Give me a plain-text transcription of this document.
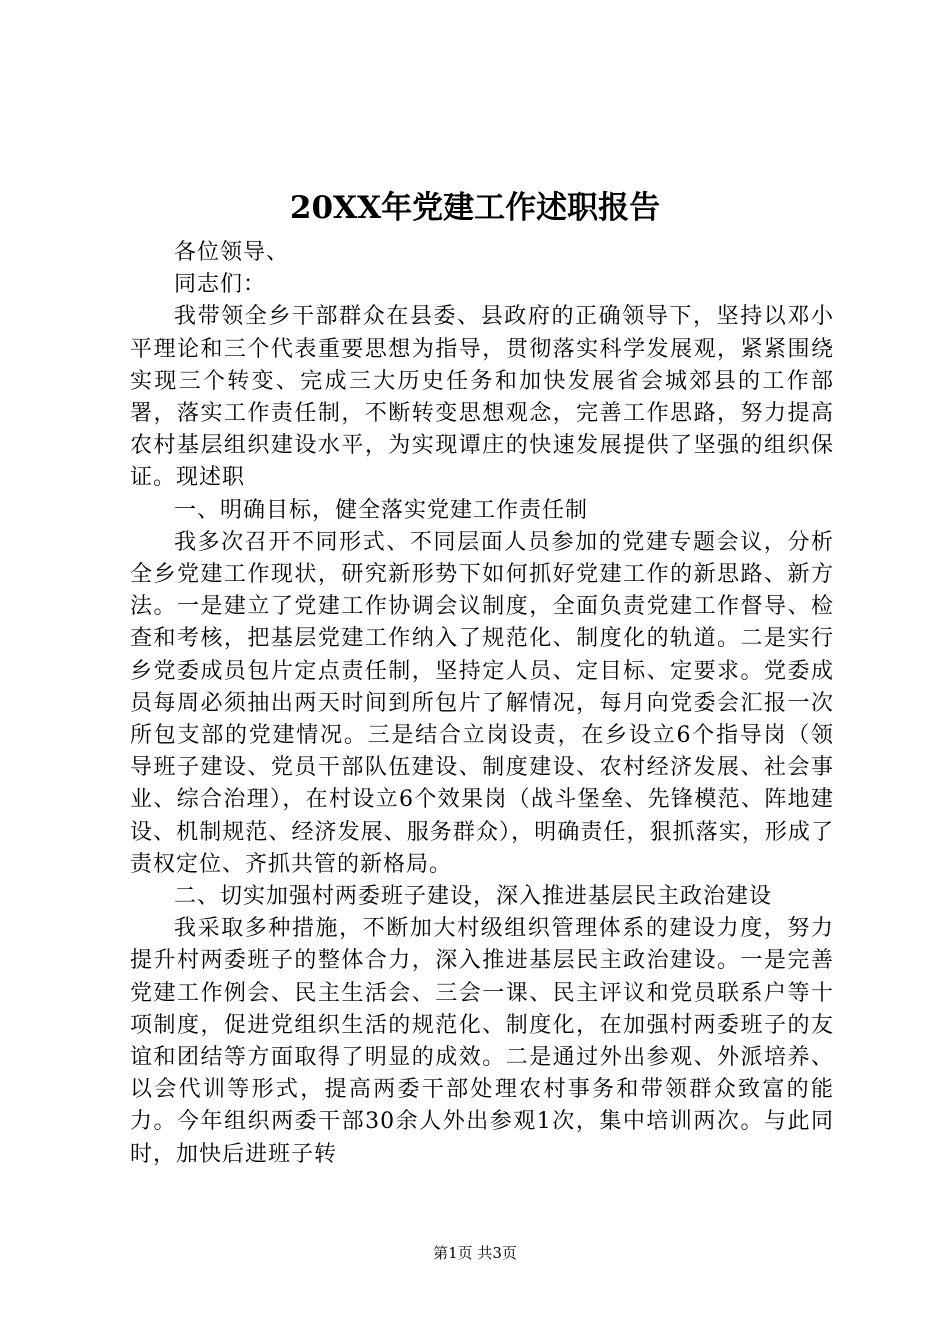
20XX年党建工作述职报告

各位领导、

同志们：

我带领全乡干部群众在县委、县政府的正确领导下，坚持以邓小平理论和三个代表重要思想为指导，贯彻落实科学发展观，紧紧围绕实现三个转变、完成三大历史任务和加快发展省会城郊县的工作部署，落实工作责任制，不断转变思想观念，完善工作思路，努力提高农村基层组织建设水平，为实现谭庄的快速发展提供了坚强的组织保证。现述职

一、明确目标，健全落实党建工作责任制

我多次召开不同形式、不同层面人员参加的党建专题会议，分析全乡党建工作现状，研究新形势下如何抓好党建工作的新思路、新方法。一是建立了党建工作协调会议制度，全面负责党建工作督导、检查和考核，把基层党建工作纳入了规范化、制度化的轨道。二是实行乡党委成员包片定点责任制，坚持定人员、定目标、定要求。党委成员每周必须抽出两天时间到所包片了解情况，每月向党委会汇报一次所包支部的党建情况。三是结合立岗设责，在乡设立6个指导岗（领导班子建设、党员干部队伍建设、制度建设、农村经济发展、社会事业、综合治理），在村设立6个效果岗（战斗堡垒、先锋模范、阵地建设、机制规范、经济发展、服务群众），明确责任，狠抓落实，形成了责权定位、齐抓共管的新格局。

二、切实加强村两委班子建设，深入推进基层民主政治建设

我采取多种措施，不断加大村级组织管理体系的建设力度，努力提升村两委班子的整体合力，深入推进基层民主政治建设。一是完善党建工作例会、民主生活会、三会一课、民主评议和党员联系户等十项制度，促进党组织生活的规范化、制度化，在加强村两委班子的友谊和团结等方面取得了明显的成效。二是通过外出参观、外派培养、以会代训等形式，提高两委干部处理农村事务和带领群众致富的能力。今年组织两委干部30余人外出参观1次，集中培训两次。与此同时，加快后进班子转

第1页 共3页
